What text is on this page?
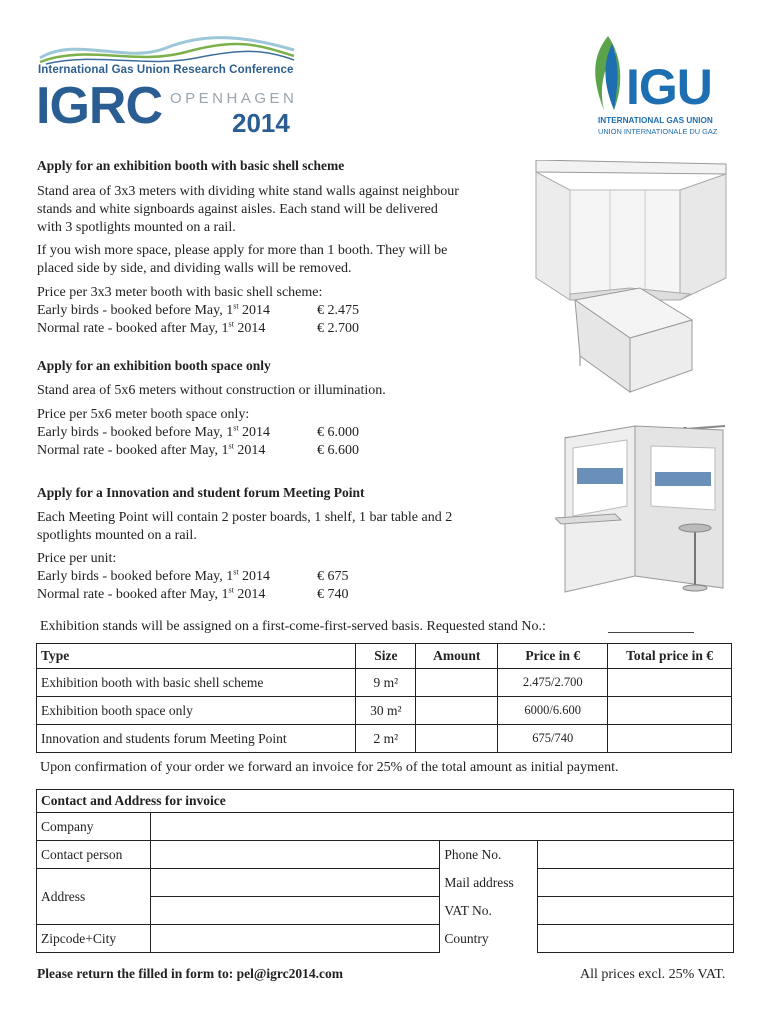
International Gas Union Research Conference
IGRC OPENHAGEN
2014
IGU
INTERNATIONAL GAS UNION
UNION INTERNATIONALE DU GAZ
Apply for an exhibition booth with basic shell scheme
Stand area of 3x3 meters with dividing white stand walls against neighbour
stands and white signboards against aisles. Each stand will be delivered
with 3 spotlights mounted on a rail.
If you wish more space, please apply for more than 1 booth. They will be
placed side by side, and dividing walls will be removed.
Price per 3x3 meter booth with basic shell scheme:
Early birds - booked before May, 1st 2014	€ 2.475
Normal rate - booked after May, 1st 2014	€ 2.700
Apply for an exhibition booth space only
Stand area of 5x6 meters without construction or illumination.
Price per 5x6 meter booth space only:
Early birds - booked before May, 1st 2014	€ 6.000
Normal rate - booked after May, 1st 2014	€ 6.600
Apply for a Innovation and student forum Meeting Point
Each Meeting Point will contain 2 poster boards, 1 shelf, 1 bar table and 2
spotlights mounted on a rail.
Price per unit:
Early birds - booked before May, 1st 2014	€ 675
Normal rate - booked after May, 1st 2014	€ 740
Exhibition stands will be assigned on a first-come-first-served basis. Requested stand No.:
Type	Size	Amount	Price in €	Total price in €
Exhibition booth with basic shell scheme	9 m²		2.475/2.700	
Exhibition booth space only	30 m²		6000/6.600	
Innovation and students forum Meeting Point	2 m²		675/740	
Upon confirmation of your order we forward an invoice for 25% of the total amount as initial payment.
Contact and Address for invoice			
Company			
Contact person		Phone No.	
Address		Mail address	
		VAT No.	
Zipcode+City		Country	
Please return the filled in form to: pel@igrc2014.com	All prices excl. 25% VAT.
